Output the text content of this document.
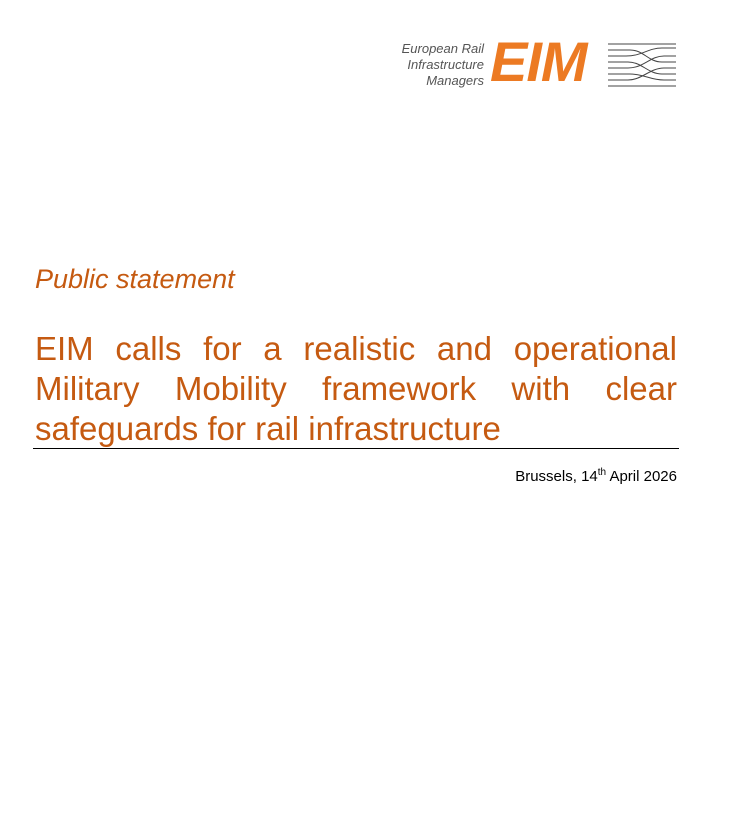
European Rail
Infrastructure
Managers EIM
Public statement
EIM calls for a realistic and operational Military Mobility framework with clear safeguards for rail infrastructure
Brussels, 14th April 2026
